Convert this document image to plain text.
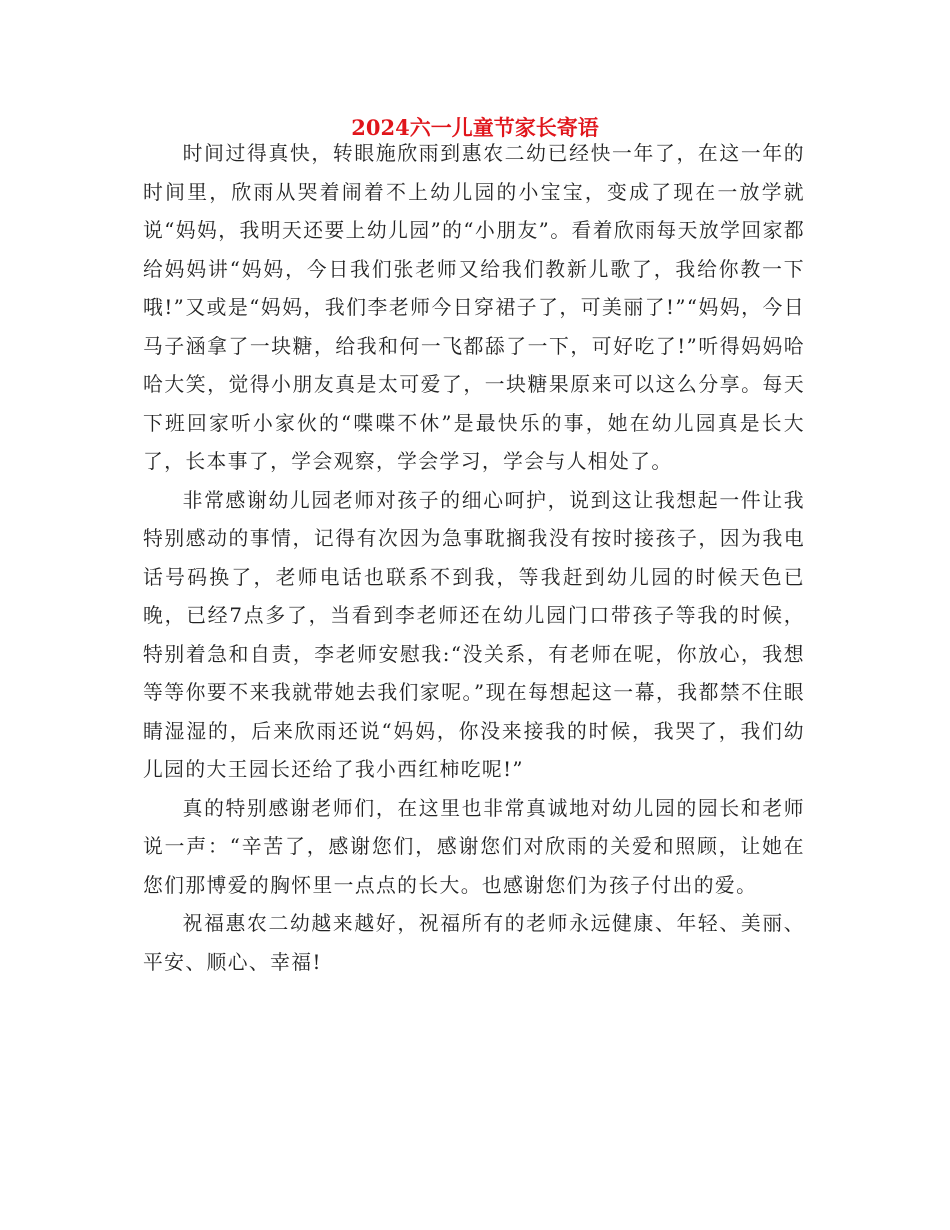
2024六一儿童节家长寄语

时间过得真快，转眼施欣雨到惠农二幼已经快一年了，在这一年的时间里，欣雨从哭着闹着不上幼儿园的小宝宝，变成了现在一放学就说“妈妈，我明天还要上幼儿园”的“小朋友”。看着欣雨每天放学回家都给妈妈讲“妈妈，今日我们张老师又给我们教新儿歌了，我给你教一下哦!”又或是“妈妈，我们李老师今日穿裙子了，可美丽了!”“妈妈，今日马子涵拿了一块糖，给我和何一飞都舔了一下，可好吃了!”听得妈妈哈哈大笑，觉得小朋友真是太可爱了，一块糖果原来可以这么分享。每天下班回家听小家伙的“喋喋不休”是最快乐的事，她在幼儿园真是长大了，长本事了，学会观察，学会学习，学会与人相处了。

非常感谢幼儿园老师对孩子的细心呵护，说到这让我想起一件让我特别感动的事情，记得有次因为急事耽搁我没有按时接孩子，因为我电话号码换了，老师电话也联系不到我，等我赶到幼儿园的时候天色已晚，已经7点多了，当看到李老师还在幼儿园门口带孩子等我的时候，特别着急和自责，李老师安慰我:“没关系，有老师在呢，你放心，我想等等你要不来我就带她去我们家呢。”现在每想起这一幕，我都禁不住眼睛湿湿的，后来欣雨还说“妈妈，你没来接我的时候，我哭了，我们幼儿园的大王园长还给了我小西红柿吃呢!”

真的特别感谢老师们，在这里也非常真诚地对幼儿园的园长和老师说一声：“辛苦了，感谢您们，感谢您们对欣雨的关爱和照顾，让她在您们那博爱的胸怀里一点点的长大。也感谢您们为孩子付出的爱。

祝福惠农二幼越来越好，祝福所有的老师永远健康、年轻、美丽、平安、顺心、幸福!
